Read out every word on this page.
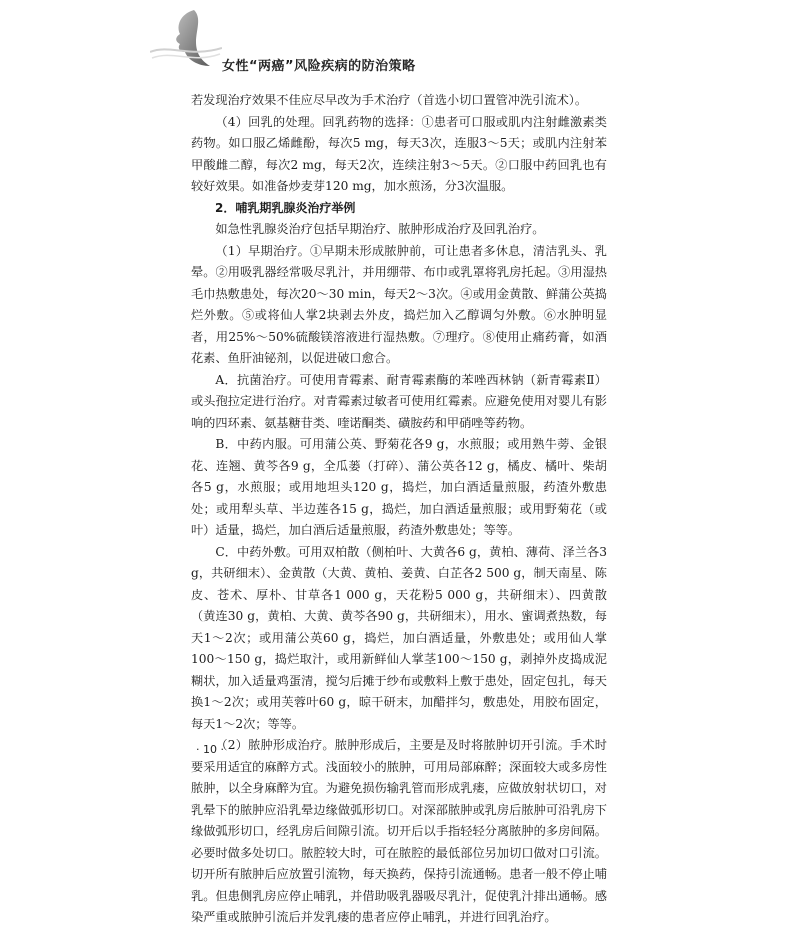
女性“两癌”风险疾病的防治策略

若发现治疗效果不佳应尽早改为手术治疗（首选小切口置管冲洗引流术）。

（4）回乳的处理。回乳药物的选择：①患者可口服或肌内注射雌激素类药物。如口服乙烯雌酚，每次5 mg，每天3次，连服3～5天；或肌内注射苯甲酸雌二醇，每次2 mg，每天2次，连续注射3～5天。②口服中药回乳也有较好效果。如准备炒麦芽120 mg，加水煎汤，分3次温服。

2．哺乳期乳腺炎治疗举例

如急性乳腺炎治疗包括早期治疗、脓肿形成治疗及回乳治疗。

（1）早期治疗。①早期未形成脓肿前，可让患者多休息，清洁乳头、乳晕。②用吸乳器经常吸尽乳汁，并用绷带、布巾或乳罩将乳房托起。③用湿热毛巾热敷患处，每次20～30 min，每天2～3次。④或用金黄散、鲜蒲公英捣烂外敷。⑤或将仙人掌2块剥去外皮，捣烂加入乙醇调匀外敷。⑥水肿明显者，用25%～50%硫酸镁溶液进行湿热敷。⑦理疗。⑧使用止痛药膏，如酒花素、鱼肝油铋剂，以促进破口愈合。

A．抗菌治疗。可使用青霉素、耐青霉素酶的苯唑西林钠（新青霉素Ⅱ）或头孢拉定进行治疗。对青霉素过敏者可使用红霉素。应避免使用对婴儿有影响的四环素、氨基糖苷类、喹诺酮类、磺胺药和甲硝唑等药物。

B．中药内服。可用蒲公英、野菊花各9 g，水煎服；或用熟牛蒡、金银花、连翘、黄芩各9 g，全瓜蒌（打碎）、蒲公英各12 g，橘皮、橘叶、柴胡各5 g，水煎服；或用地坦头120 g，捣烂，加白酒适量煎服，药渣外敷患处；或用犁头草、半边莲各15 g，捣烂，加白酒适量煎服；或用野菊花（或叶）适量，捣烂，加白酒后适量煎服，药渣外敷患处；等等。

C．中药外敷。可用双柏散（侧柏叶、大黄各6 g，黄柏、薄荷、泽兰各3 g，共研细末）、金黄散（大黄、黄柏、姜黄、白芷各2 500 g，制天南星、陈皮、苍术、厚朴、甘草各1 000 g，天花粉5 000 g，共研细末）、四黄散（黄连30 g，黄柏、大黄、黄芩各90 g，共研细末），用水、蜜调煮热数，每天1～2次；或用蒲公英60 g，捣烂，加白酒适量，外敷患处；或用仙人掌100～150 g，捣烂取汁，或用新鲜仙人掌茎100～150 g，剥掉外皮捣成泥糊状，加入适量鸡蛋清，搅匀后摊于纱布或敷料上敷于患处，固定包扎，每天换1～2次；或用芙蓉叶60 g，晾干研末，加醋拌匀，敷患处，用胶布固定，每天1～2次；等等。

（2）脓肿形成治疗。脓肿形成后，主要是及时将脓肿切开引流。手术时要采用适宜的麻醉方式。浅面较小的脓肿，可用局部麻醉；深面较大或多房性脓肿，以全身麻醉为宜。为避免损伤输乳管而形成乳瘘，应做放射状切口，对乳晕下的脓肿应沿乳晕边缘做弧形切口。对深部脓肿或乳房后脓肿可沿乳房下缘做弧形切口，经乳房后间隙引流。切开后以手指轻轻分离脓肿的多房间隔。必要时做多处切口。脓腔较大时，可在脓腔的最低部位另加切口做对口引流。切开所有脓肿后应放置引流物，每天换药，保持引流通畅。患者一般不停止哺乳。但患侧乳房应停止哺乳，并借助吸乳器吸尽乳汁，促使乳汁排出通畅。感染严重或脓肿引流后并发乳瘘的患者应停止哺乳，并进行回乳治疗。

· 10 ·
